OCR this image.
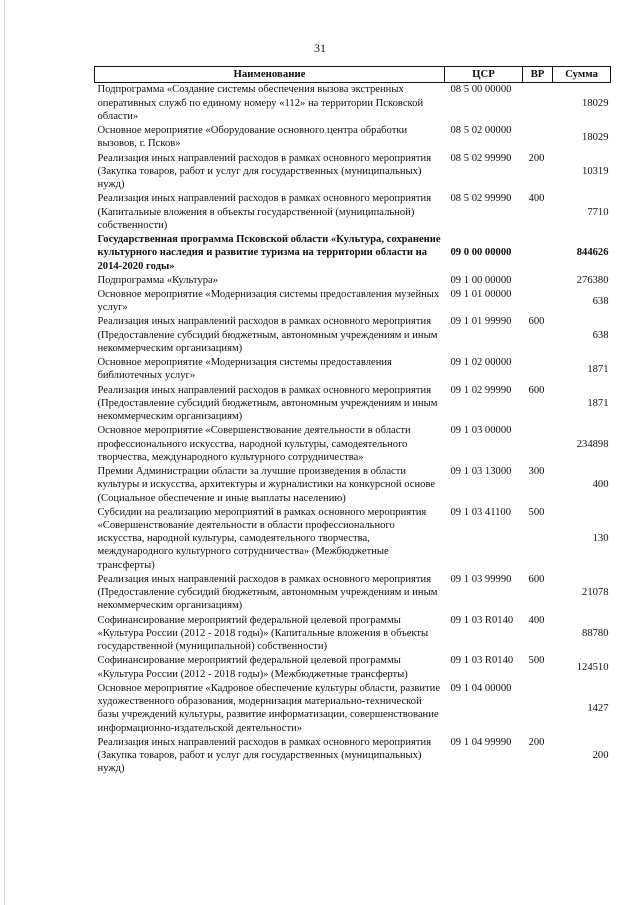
31
Наименование	ЦСР	ВР	Сумма
Подпрограмма «Создание системы обеспечения вызова экстренных оперативных служб по единому номеру «112» на территории Псковской области»	08 5 00 00000		18029
Основное мероприятие «Оборудование основного центра обработки вызовов, г. Псков»	08 5 02 00000		18029
Реализация иных направлений расходов в рамках основного мероприятия (Закупка товаров, работ и услуг для государственных (муниципальных) нужд)	08 5 02 99990	200	10319
Реализация иных направлений расходов в рамках основного мероприятия (Капитальные вложения в объекты государственной (муниципальной) собственности)	08 5 02 99990	400	7710
Государственная программа Псковской области «Культура, сохранение культурного наследия и развитие туризма на территории области на 2014-2020 годы»	09 0 00 00000		844626
Подпрограмма «Культура»	09 1 00 00000		276380
Основное мероприятие «Модернизация системы предоставления музейных услуг»	09 1 01 00000		638
Реализация иных направлений расходов в рамках основного мероприятия (Предоставление субсидий бюджетным, автономным учреждениям и иным некоммерческим организациям)	09 1 01 99990	600	638
Основное мероприятие «Модернизация системы предоставления библиотечных услуг»	09 1 02 00000		1871
Реализация иных направлений расходов в рамках основного мероприятия (Предоставление субсидий бюджетным, автономным учреждениям и иным некоммерческим организациям)	09 1 02 99990	600	1871
Основное мероприятие «Совершенствование деятельности в области профессионального искусства, народной культуры, самодеятельного творчества, международного культурного сотрудничества»	09 1 03 00000		234898
Премии Администрации области за лучшие произведения в области культуры и искусства, архитектуры и журналистики на конкурсной основе (Социальное обеспечение и иные выплаты населению)	09 1 03 13000	300	400
Субсидии на реализацию мероприятий в рамках основного мероприятия «Совершенствование деятельности в области профессионального искусства, народной культуры, самодеятельного творчества, международного культурного сотрудничества» (Межбюджетные трансферты)	09 1 03 41100	500	130
Реализация иных направлений расходов в рамках основного мероприятия (Предоставление субсидий бюджетным, автономным учреждениям и иным некоммерческим организациям)	09 1 03 99990	600	21078
Софинансирование мероприятий федеральной целевой программы «Культура России (2012 - 2018 годы)» (Капитальные вложения в объекты государственной (муниципальной) собственности)	09 1 03 R0140	400	88780
Софинансирование мероприятий федеральной целевой программы «Культура России (2012 - 2018 годы)» (Межбюджетные трансферты)	09 1 03 R0140	500	124510
Основное мероприятие «Кадровое обеспечение культуры области, развитие художественного образования, модернизация материально-технической базы учреждений культуры, развитие информатизации, совершенствование информационно-издательской деятельности»	09 1 04 00000		1427
Реализация иных направлений расходов в рамках основного мероприятия (Закупка товаров, работ и услуг для государственных (муниципальных) нужд)	09 1 04 99990	200	200
